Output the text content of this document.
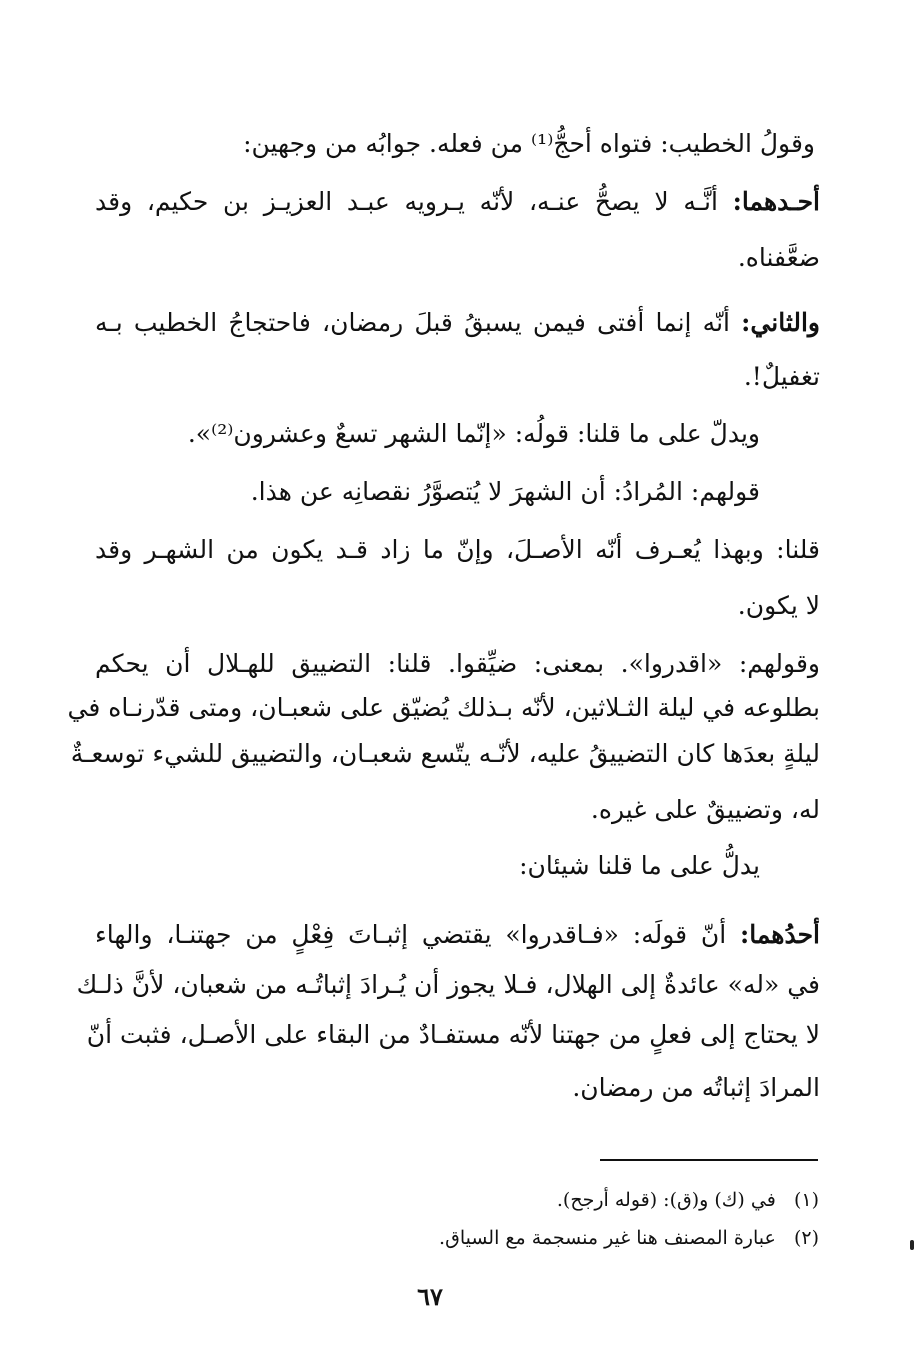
وقولُ الخطيب: فتواه أحجُّ⁽¹⁾ من فعله. جوابُه من وجهين:
أحـدهما: أنَّـه لا يصحُّ عنـه، لأنّه يـرويه عبـد العزيـز بن حكيم، وقد
ضعَّفناه.
والثاني: أنّه إنما أفتى فيمن يسبقُ قبلَ رمضان، فاحتجاجُ الخطيب بـه
تغفيلٌ!.
ويدلّ على ما قلنا: قولُه: «إنّما الشهر تسعٌ وعشرون⁽²⁾».
قولهم: المُرادُ: أن الشهرَ لا يُتصوَّرُ نقصانِه عن هذا.
قلنا: وبهذا يُعـرف أنّه الأصـلَ، وإنّ ما زاد قـد يكون من الشهـر وقد
لا يكون.
وقولهم: «اقدروا». بمعنى: ضيِّقوا. قلنا: التضييق للهـلال أن يحكم
بطلوعه في ليلة الثـلاثين، لأنّه بـذلك يُضيّق على شعبـان، ومتى قدّرنـاه في
ليلةٍ بعدَها كان التضييقُ عليه، لأنّـه يتّسع شعبـان، والتضييق للشيء توسعـةٌ
له، وتضييقٌ على غيره.
يدلُّ على ما قلنا شيئان:
أحدُهما: أنّ قولَه: «فـاقدروا» يقتضي إثبـاتَ فِعْلٍ من جهتنـا، والهاء
في «له» عائدةٌ إلى الهلال، فـلا يجوز أن يُـرادَ إثباتُـه من شعبان، لأنَّ ذلـك
لا يحتاج إلى فعلٍ من جهتنا لأنّه مستفـادٌ من البقاء على الأصـل، فثبت أنّ
المرادَ إثباتُه من رمضان.
(١)   في (ك) و(ق): (قوله أرجح).
(٢)   عبارة المصنف هنا غير منسجمة مع السياق.
٦٧
